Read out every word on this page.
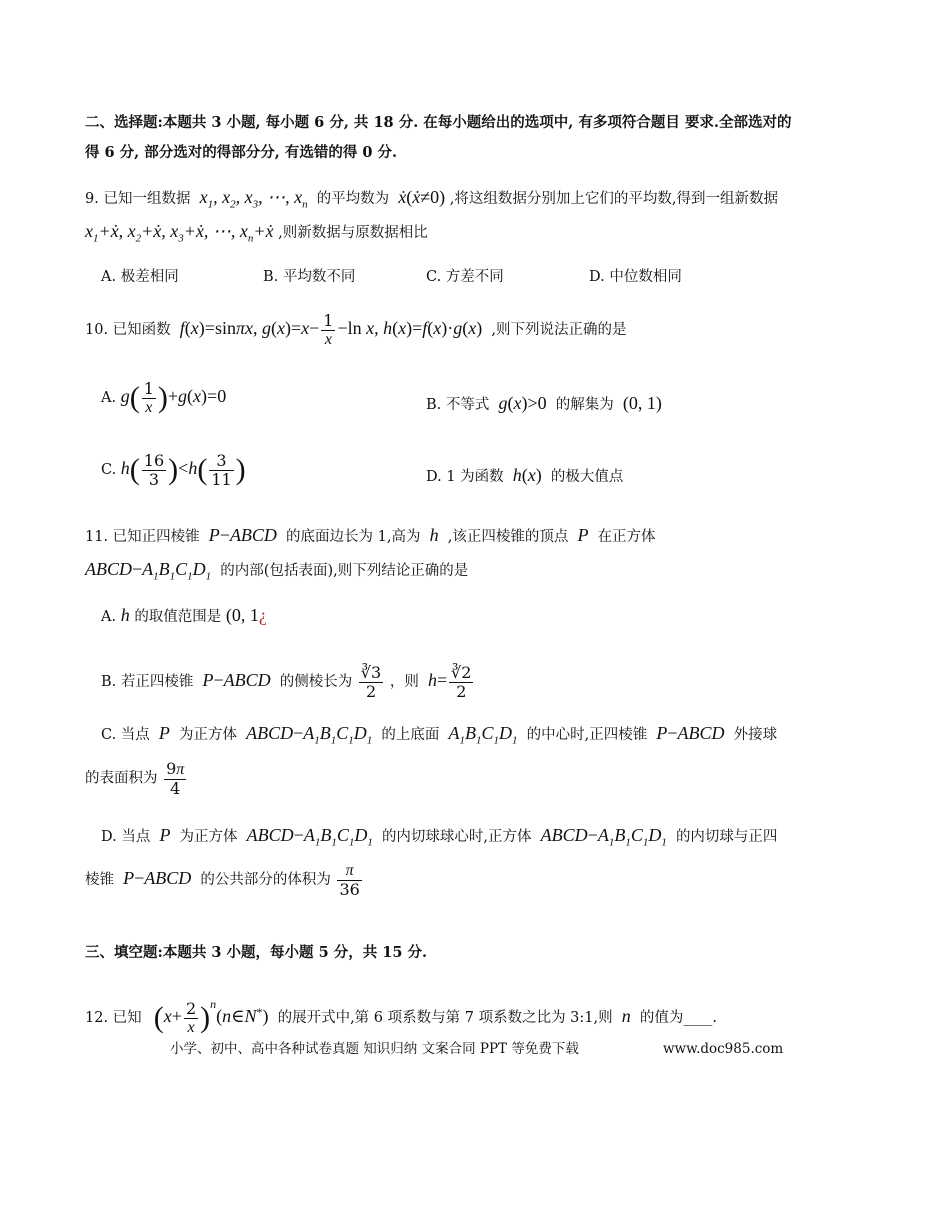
二、选择题:本题共 3 小题, 每小题 6 分, 共 18 分. 在每小题给出的选项中, 有多项符合题目 要求.全部选对的
得 6 分, 部分选对的得部分分, 有选错的得 0 分.
9. 已知一组数据  $x_1$, $x_2$, $x_3$, ⋯, $x_n$ 的平均数为  ẋ(ẋ≠0) ,将这组数据分别加上它们的平均数,得到一组新数据
$x_1+ẋ$, $x_2+ẋ$, $x_3+ẋ$, ⋯, $x_n+ẋ$ ,则新数据与原数据相比
A. 极差相同	B. 平均数不同	C. 方差不同	D. 中位数相同
10. 已知函数  f(x)=sinπx, $g(x)=x- \frac{1}{x} -\ln$ x, h(x)=f(x)·g(x)  ,则下列说法正确的是
A. $g( \frac{1}{x} )+g(x)=0$	B. 不等式  g(x)>0  的解集为  (0, 1)
C. $h( \frac{16}{3} )<h( \frac{3}{11}$ )	D. 1 为函数  h(x)  的极大值点
11. 已知正四棱锥  P−ABCD  的底面边长为 1,高为  h  ,该正四棱锥的顶点  P  在正方体
$ABCD-A_1B_1C_1D_1$ 的内部(包括表面),则下列结论正确的是
A. h 的取值范围是 (0, 1¿
B. 若正四棱锥  P−ABCD  的侧棱长为 $\frac{∛3}{2}$ ，则  $h= \frac{∛2}{2}$
C. 当点  P  为正方体  $ABCD-A_1B_1C_1D_1$ 的上底面  $A_1B_1C_1D_1$ 的中心时,正四棱锥  P−ABCD  外接球
的表面积为 $\frac{9\pi}{4}$
D. 当点  P  为正方体  $ABCD-A_1B_1C_1D_1$ 的内切球球心时,正方体  $ABCD-A_1B_1C_1D_1$ 的内切球与正四
棱锥  P−ABCD  的公共部分的体积为 $\frac{\pi}{36}$
三、填空题:本题共 3 小题，每小题 5 分，共 15 分.
12. 已知  ($x+ \frac{2}{x}$ )$^n(n\in N^*)$  的展开式中,第 6 项系数与第 7 项系数之比为 3:1,则  n  的值为____.
小学、初中、高中各种试卷真题 知识归纳 文案合同 PPT 等免费下载	www.doc985.com
